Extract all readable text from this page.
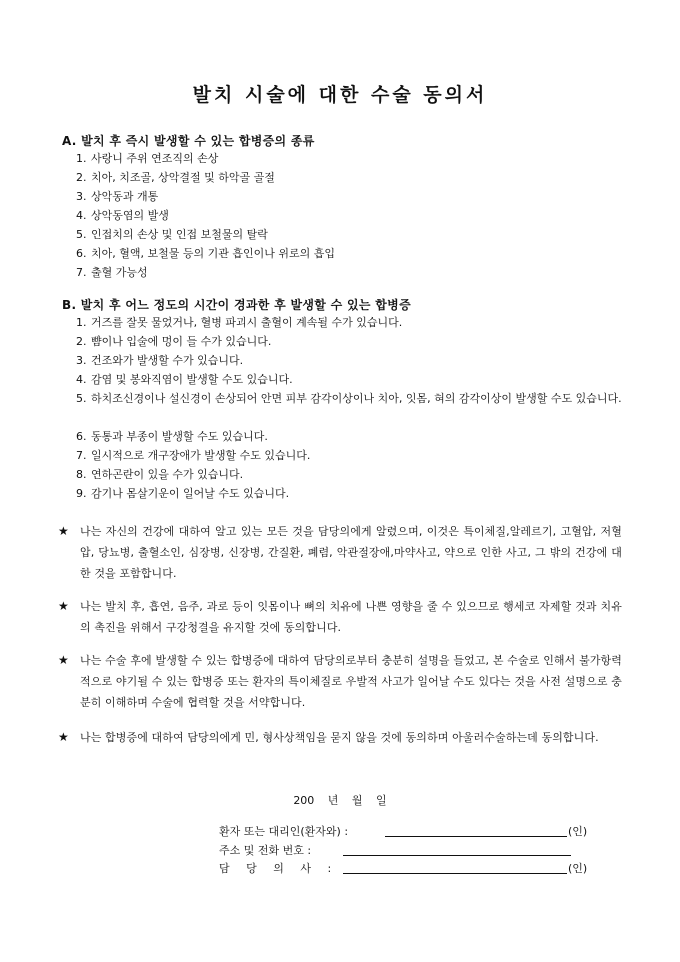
발치 시술에 대한 수술 동의서
A. 발치 후 즉시 발생할 수 있는 합병증의 종류
1. 사랑니 주위 연조직의 손상
2. 치아, 치조골, 상악결절 및 하악골 골절
3. 상악동과 개통
4. 상악동염의 발생
5. 인접치의 손상 및 인접 보철물의 탈락
6. 치아, 혈액, 보철물 등의 기관 흡인이나 위로의 흡입
7. 출혈 가능성
B. 발치 후 어느 정도의 시간이 경과한 후 발생할 수 있는 합병증
1. 거즈를 잘못 물었거나, 혈병 파괴시 출혈이 계속될 수가 있습니다.
2. 뺨이나 입술에 멍이 들 수가 있습니다.
3. 건조와가 발생할 수가 있습니다.
4. 감염 및 봉와직염이 발생할 수도 있습니다.
5. 하치조신경이나 설신경이 손상되어 안면 피부 감각이상이나 치아, 잇몸, 혀의 감각이상이 발생할 수도 있습니다.
6. 동통과 부종이 발생할 수도 있습니다.
7. 일시적으로 개구장애가 발생할 수도 있습니다.
8. 연하곤란이 있을 수가 있습니다.
9. 감기나 몸살기운이 일어날 수도 있습니다.
★	나는 자신의 건강에 대하여 알고 있는 모든 것을 담당의에게 알렸으며, 이것은 특이체질,알레르기, 고혈압, 저혈압, 당뇨병, 출혈소인, 심장병, 신장병, 간질환, 폐렴, 악관절장애,마약사고, 약으로 인한 사고, 그 밖의 건강에 대한 것을 포함합니다.
★	나는 발치 후, 흡연, 음주, 과로 등이 잇몸이나 뼈의 치유에 나쁜 영향을 줄 수 있으므로 행세코 자제할 것과 치유의 촉진을 위해서 구강청결을 유지할 것에 동의합니다.
★	나는 수술 후에 발생할 수 있는 합병증에 대하여 담당의로부터 충분히 설명을 들었고, 본 수술로 인해서 불가항력적으로 야기될 수 있는 합병증 또는 환자의 특이체질로 우발적 사고가 일어날 수도 있다는 것을 사전 설명으로 충분히 이해하며 수술에 협력할 것을 서약합니다.
★	나는 합병증에 대하여 담당의에게 민, 형사상책임을 묻지 않을 것에 동의하며 아울러수술하는데 동의합니다.
200 년 월 일
환자 또는 대리인(환자와) :	(인)
주소 및 전화 번호 :
담 당 의 사 :	(인)
